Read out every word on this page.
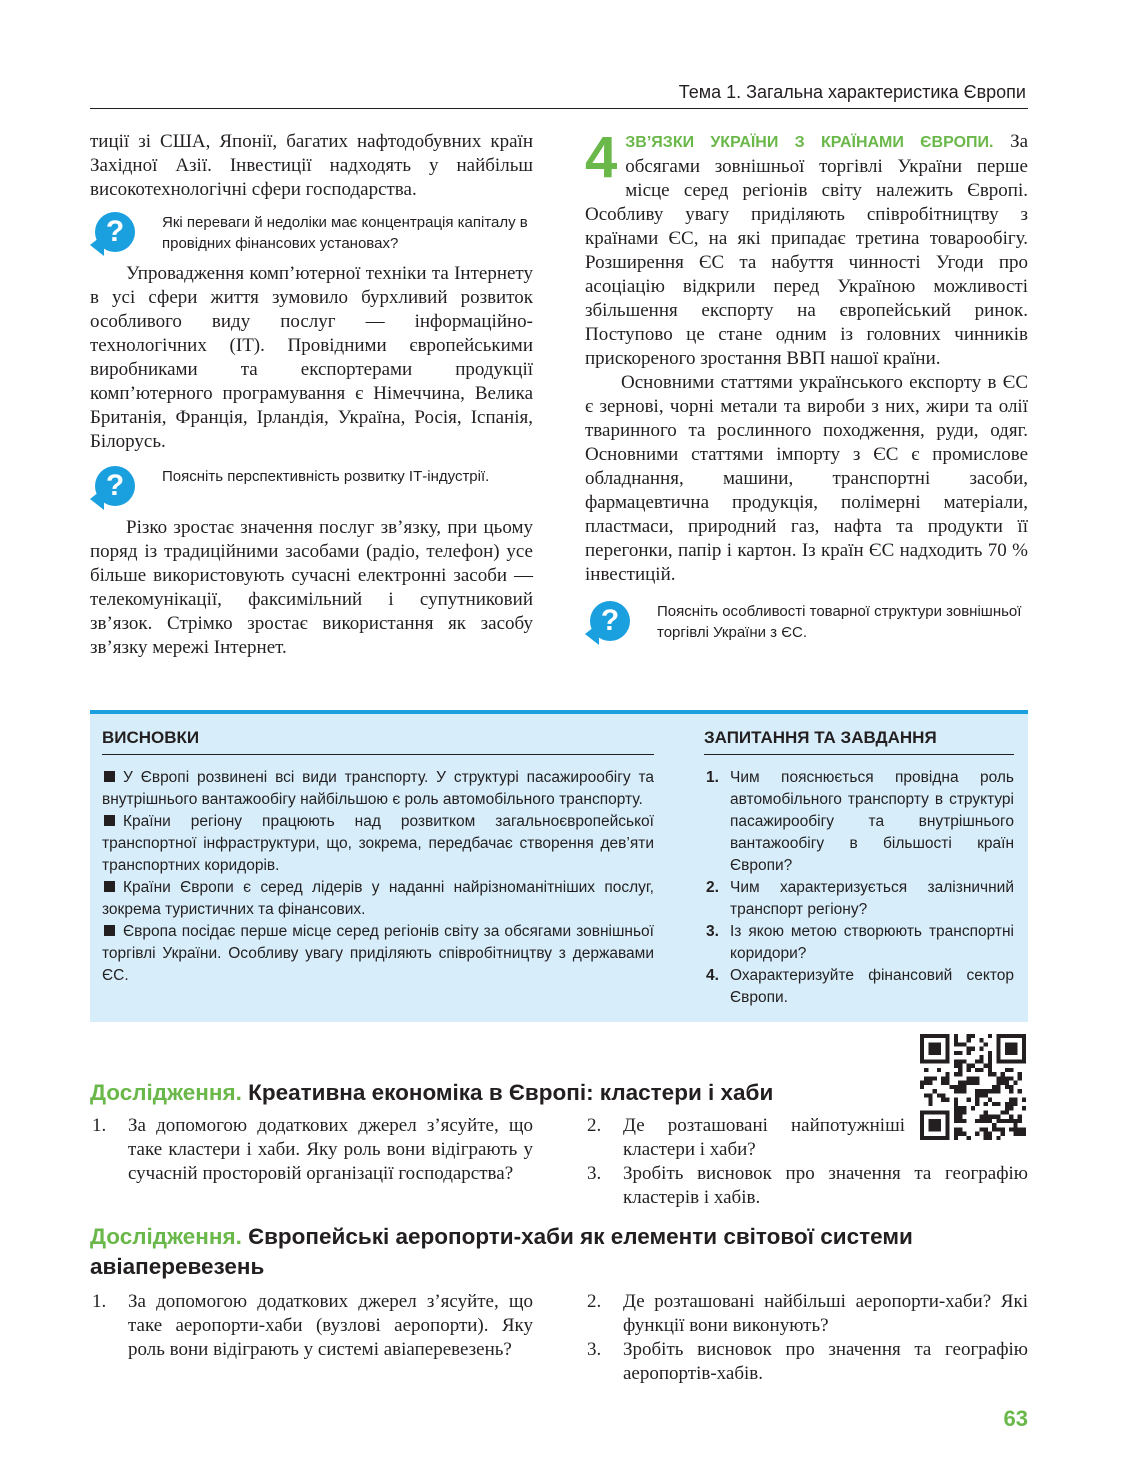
Тема 1. Загальна характеристика Європи

тиції зі США, Японії, багатих нафтодобувних країн Західної Азії. Інвестиції надходять у найбільш високотехнологічні сфери господарства.

?	Які переваги й недоліки має концентрація капіталу в провідних фінансових установах?

Упровадження комп’ютерної техніки та Інтернету в усі сфери життя зумовило бурхливий розвиток особливого виду послуг — інформаційно-технологічних (ІТ). Провідними європейськими виробниками та експортерами продукції комп’ютерного програмування є Німеччина, Велика Британія, Франція, Ірландія, Україна, Росія, Іспанія, Білорусь.

?	Поясніть перспективність розвитку ІТ-індустрії.

Різко зростає значення послуг зв’язку, при цьому поряд із традиційними засобами (радіо, телефон) усе більше використовують сучасні електронні засоби — телекомунікації, факсимільний і супутниковий зв’язок. Стрімко зростає використання як засобу зв’язку мережі Інтернет.

4 ЗВ’ЯЗКИ УКРАЇНИ З КРАЇНАМИ ЄВРОПИ. За обсягами зовнішньої торгівлі України перше місце серед регіонів світу належить Європі. Особливу увагу приділяють співробітництву з країнами ЄС, на які припадає третина товарообігу. Розширення ЄС та набуття чинності Угоди про асоціацію відкрили перед Україною можливості збільшення експорту на європейський ринок. Поступово це стане одним із головних чинників прискореного зростання ВВП нашої країни.

Основними статтями українського експорту в ЄС є зернові, чорні метали та вироби з них, жири та олії тваринного та рослинного походження, руди, одяг. Основними статтями імпорту з ЄС є промислове обладнання, машини, транспортні засоби, фармацевтична продукція, полімерні матеріали, пластмаси, природний газ, нафта та продукти її перегонки, папір і картон. Із країн ЄС надходить 70 % інвестицій.

?	Поясніть особливості товарної структури зовнішньої торгівлі України з ЄС.
ВИСНОВКИ

У Європі розвинені всі види транспорту. У структурі пасажирообігу та внутрішнього вантажообігу найбільшою є роль автомобільного транспорту.

Країни регіону працюють над розвитком загальноєвропейської транспортної інфраструктури, що, зокрема, передбачає створення дев’яти транспортних коридорів.

Країни Європи є серед лідерів у наданні найрізноманітніших послуг, зокрема туристичних та фінансових.

Європа посідає перше місце серед регіонів світу за обсягами зовнішньої торгівлі України. Особливу увагу приділяють співробітництву з державами ЄС.

ЗАПИТАННЯ ТА ЗАВДАННЯ

1. Чим пояснюється провідна роль автомобільного транспорту в структурі пасажирообігу та внутрішнього вантажообігу в більшості країн Європи?

2. Чим характеризується залізничний транспорт регіону?

3. Із якою метою створюють транспортні коридори?

4. Охарактеризуйте фінансовий сектор Європи.

Дослідження. Креативна економіка в Європі: кластери і хаби
1. За допомогою додаткових джерел з’ясуйте, що таке кластери і хаби. Яку роль вони відіграють у сучасній просторовій організації господарства?
2. Де розташовані найпотужніші кластери і хаби?
3. Зробіть висновок про значення та географію кластерів і хабів.
Дослідження. Європейські аеропорти-хаби як елементи світової системи авіаперевезень
1. За допомогою додаткових джерел з’ясуйте, що таке аеропорти-хаби (вузлові аеропорти). Яку роль вони відіграють у системі авіаперевезень?
2. Де розташовані найбільші аеропорти-хаби? Які функції вони виконують?
3. Зробіть висновок про значення та географію аеропортів-хабів.
63
